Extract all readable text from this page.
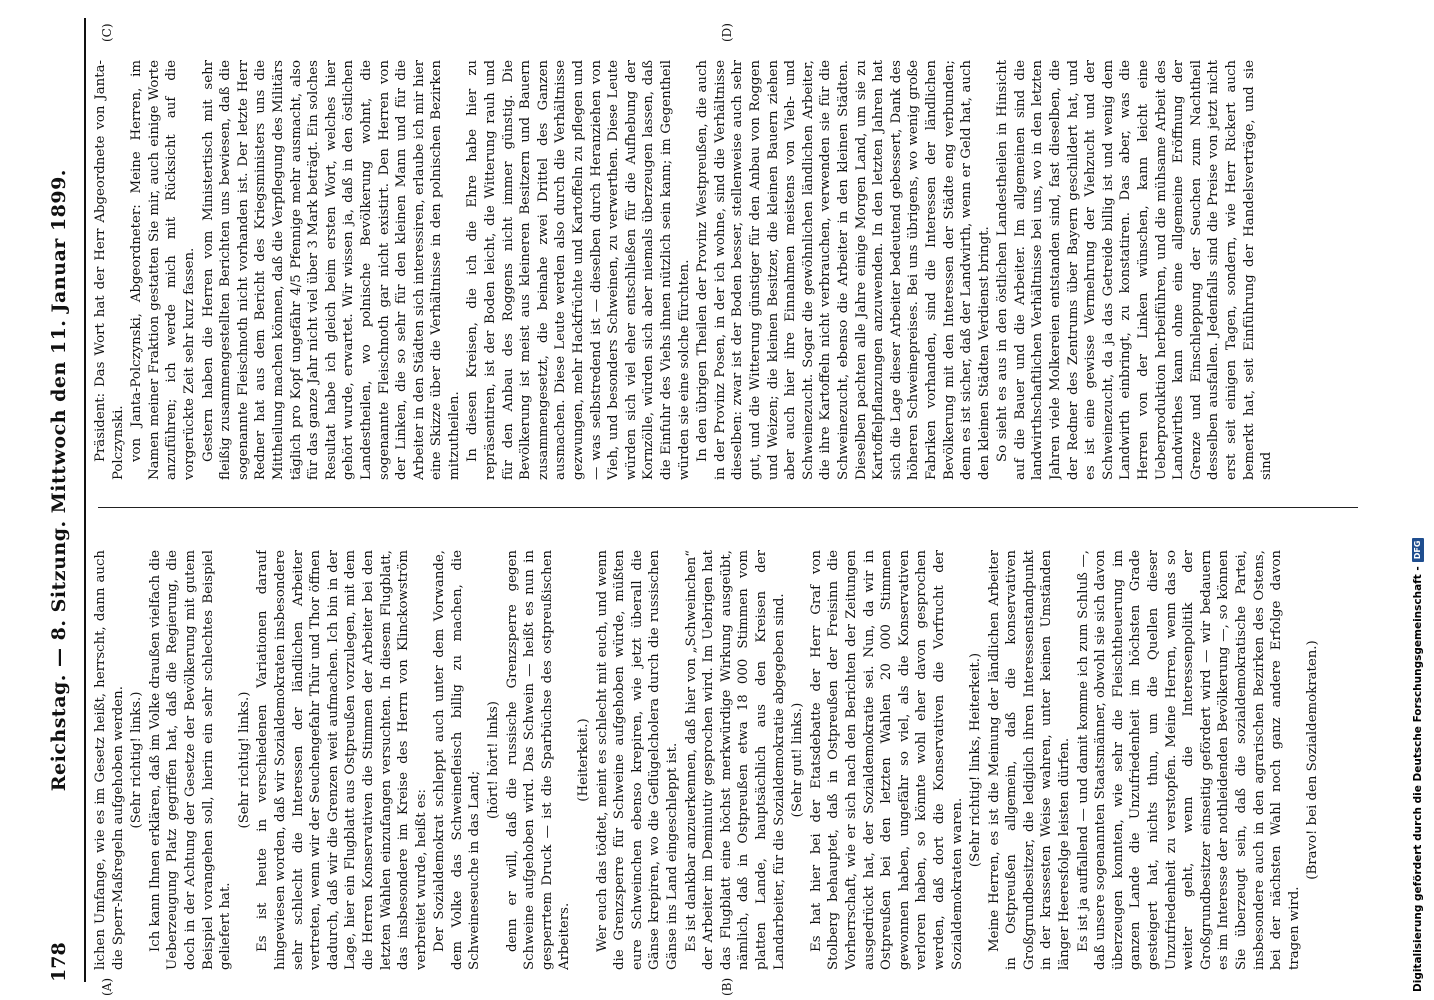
178
Reichstag. — 8. Sitzung. Mittwoch den 11. Januar 1899.
(A)	(B)
(C)	(D)

lichen Umfange, wie es im Gesetz heißt, herrscht, dann auch die Sperr-Maßregeln aufgehoben werden. (Sehr richtig! links.) Ich kann Ihnen erklären, daß im Volke draußen vielfach die Ueberzeugung Platz gegriffen hat, daß die Regierung, die doch in der Achtung der Gesetze der Bevölkerung mit gutem Beispiel vorangehen soll, hierin ein sehr schlechtes Beispiel geliefert hat.

(Sehr richtig! links.) Es ist heute in verschiedenen Variationen darauf hingewiesen worden, daß wir Sozialdemokraten insbesondere sehr schlecht die Interessen der ländlichen Arbeiter vertreten, wenn wir der Seuchengefahr Thür und Thor öffnen dadurch, daß wir die Grenzen weit aufmachen. Ich bin in der Lage, hier ein Flugblatt aus Ostpreußen vorzulegen, mit dem die Herren Konservativen die Stimmen der Arbeiter bei den letzten Wahlen einzufangen versuchten. In diesem Flugblatt, das insbesondere im Kreise des Herrn von Klinckowström verbreitet wurde, heißt es: Der Sozialdemokrat schleppt auch unter dem Vorwande, dem Volke das Schweinefleisch billig zu machen, die Schweineseuche in das Land;

(hört! hört! links) denn er will, daß die russische Grenzsperre gegen Schweine aufgehoben wird. Das Schwein — heißt es nun in gesperrtem Druck — ist die Sparbüchse des ostpreußischen Arbeiters.

(Heiterkeit.) Wer euch das tödtet, meint es schlecht mit euch, und wenn die Grenzsperre für Schweine aufgehoben würde, müßten eure Schweinchen ebenso krepiren, wie jetzt überall die Gänse krepiren, wo die Geflügelcholera durch die russischen Gänse ins Land eingeschleppt ist. Es ist dankbar anzuerkennen, daß hier von „Schweinchen“ der Arbeiter im Deminutiv gesprochen wird. Im Uebrigen hat das Flugblatt eine höchst merkwürdige Wirkung ausgeübt, nämlich, daß in Ostpreußen etwa 18 000 Stimmen vom platten Lande, hauptsächlich aus den Kreisen der Landarbeiter, für die Sozialdemokratie abgegeben sind. (Sehr gut! links.) Es hat hier bei der Etatsdebatte der Herr Graf von Stolberg behauptet, daß in Ostpreußen der Freisinn die Vorherrschaft, wie er sich nach den Berichten der Zeitungen ausgedrückt hat, der Sozialdemokratie sei. Nun, da wir in Ostpreußen bei den letzten Wahlen 20 000 Stimmen gewonnen haben, ungefähr so viel, als die Konservativen verloren haben, so könnte wohl eher davon gesprochen werden, daß dort die Konservativen die Vorfrucht der Sozialdemokraten waren.

(Sehr richtig! links, Heiterkeit.) Meine Herren, es ist die Meinung der ländlichen Arbeiter in Ostpreußen allgemein, daß die konservativen Großgrundbesitzer, die lediglich ihren Interessenstandpunkt in der krassesten Weise wahren, unter keinen Umständen länger Heeresfolge leisten dürfen. Es ist ja auffallend — und damit komme ich zum Schluß —, daß unsere sogenannten Staatsmänner, obwohl sie sich davon überzeugen konnten, wie sehr die Fleischtheuerung im ganzen Lande die Unzufriedenheit im höchsten Grade gesteigert hat, nichts thun, um die Quellen dieser Unzufriedenheit zu verstopfen. Meine Herren, wenn das so weiter geht, wenn die Interessenpolitik der Großgrundbesitzer einseitig gefördert wird — wir bedauern es im Interesse der nothleidenden Bevölkerung —, so können Sie überzeugt sein, daß die sozialdemokratische Partei, insbesondere auch in den agrarischen Bezirken des Ostens, bei der nächsten Wahl noch ganz andere Erfolge davon tragen wird.

(Bravo! bei den Sozialdemokraten.)

Präsident: Das Wort hat der Herr Abgeordnete von Janta-Polczynski. von Janta-Polczynski, Abgeordneter: Meine Herren, im Namen meiner Fraktion gestatten Sie mir, auch einige Worte anzuführen; ich werde mich mit Rücksicht auf die vorgerückte Zeit sehr kurz fassen. Gestern haben die Herren vom Ministertisch mit sehr fleißig zusammengestellten Berichten uns bewiesen, daß die sogenannte Fleischnoth nicht vorhanden ist. Der letzte Herr Redner hat aus dem Bericht des Kriegsministers uns die Mittheilung machen können, daß die Verpflegung des Militärs täglich pro Kopf ungefähr 4/5 Pfennige mehr ausmacht, also für das ganze Jahr nicht viel über 3 Mark beträgt. Ein solches Resultat habe ich gleich beim ersten Wort, welches hier gehört wurde, erwartet. Wir wissen ja, daß in den östlichen Landestheilen, wo polnische Bevölkerung wohnt, die sogenannte Fleischnoth gar nicht existirt. Den Herren von der Linken, die so sehr für den kleinen Mann und für die Arbeiter in den Städten sich interessiren, erlaube ich mir hier eine Skizze über die Verhältnisse in den polnischen Bezirken mitzutheilen. In diesen Kreisen, die ich die Ehre habe hier zu repräsentiren, ist der Boden leicht, die Witterung rauh und für den Anbau des Roggens nicht immer günstig. Die Bevölkerung ist meist aus kleineren Besitzern und Bauern zusammengesetzt, die beinahe zwei Drittel des Ganzen ausmachen. Diese Leute werden also durch die Verhältnisse gezwungen, mehr Hackfrüchte und Kartoffeln zu pflegen und — was selbstredend ist — dieselben durch Heranziehen von Vieh, und besonders Schweinen, zu verwerthen. Diese Leute würden sich viel eher entschließen für die Aufhebung der Kornzölle, würden sich aber niemals überzeugen lassen, daß die Einfuhr des Viehs ihnen nützlich sein kann; im Gegentheil würden sie eine solche fürchten. In den übrigen Theilen der Provinz Westpreußen, die auch in der Provinz Posen, in der ich wohne, sind die Verhältnisse dieselben: zwar ist der Boden besser, stellenweise auch sehr gut, und die Witterung günstiger für den Anbau von Roggen und Weizen; die kleinen Besitzer, die kleinen Bauern ziehen aber auch hier ihre Einnahmen meistens von Vieh- und Schweinezucht. Sogar die gewöhnlichen ländlichen Arbeiter, die ihre Kartoffeln nicht verbrauchen, verwenden sie für die Schweinezucht, ebenso die Arbeiter in den kleinen Städten. Dieselben pachten alle Jahre einige Morgen Land, um sie zu Kartoffelpflanzungen anzuwenden. In den letzten Jahren hat sich die Lage dieser Arbeiter bedeutend gebessert, Dank des höheren Schweinepreises. Bei uns übrigens, wo wenig große Fabriken vorhanden, sind die Interessen der ländlichen Bevölkerung mit den Interessen der Städte eng verbunden; denn es ist sicher, daß der Landwirth, wenn er Geld hat, auch den kleinen Städten Verdienst bringt. So sieht es aus in den östlichen Landestheilen in Hinsicht auf die Bauer und die Arbeiter. Im allgemeinen sind die landwirthschaftlichen Verhältnisse bei uns, wo in den letzten Jahren viele Molkereien entstanden sind, fast dieselben, die der Redner des Zentrums über Bayern geschildert hat, und es ist eine gewisse Vermehrung der Viehzucht und der Schweinezucht, da ja das Getreide billig ist und wenig dem Landwirth einbringt, zu konstatiren. Das aber, was die Herren von der Linken wünschen, kann leicht eine Ueberproduktion herbeiführen, und die mühsame Arbeit des Landwirthes kann ohne eine allgemeine Eröffnung der Grenze und Einschleppung der Seuchen zum Nachtheil desselben ausfallen. Jedenfalls sind die Preise von jetzt nicht erst seit einigen Tagen, sondern, wie Herr Rickert auch bemerkt hat, seit Einführung der Handelsverträge, und sie sind

Digitalisierung gefördert durch die Deutsche Forschungsgemeinschaft -
DFG
